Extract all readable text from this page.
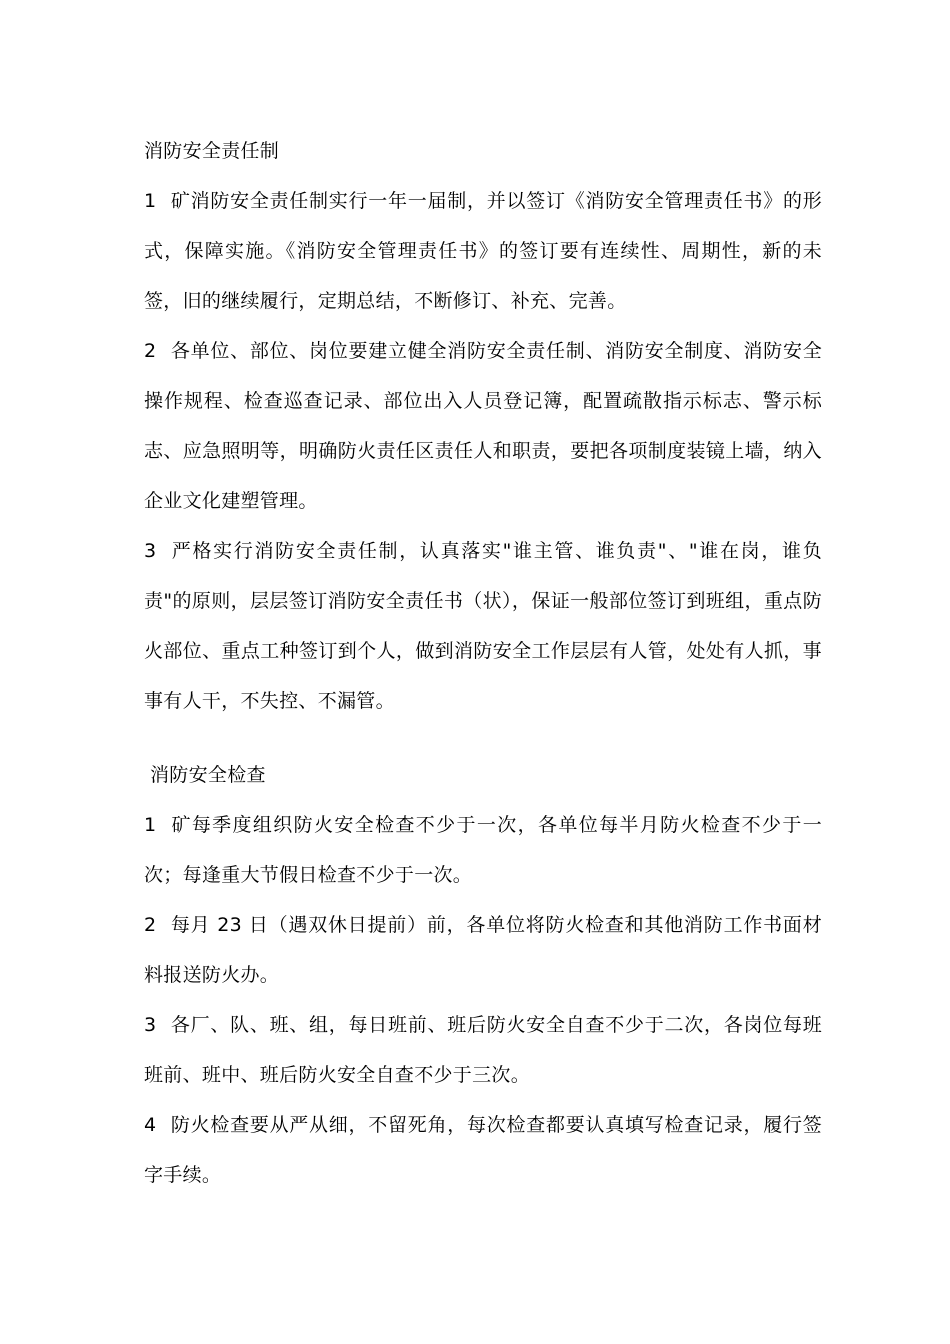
消防安全责任制

1 矿消防安全责任制实行一年一届制，并以签订《消防安全管理责任书》的形式，保障实施。《消防安全管理责任书》的签订要有连续性、周期性，新的未签，旧的继续履行，定期总结，不断修订、补充、完善。

2 各单位、部位、岗位要建立健全消防安全责任制、消防安全制度、消防安全操作规程、检查巡查记录、部位出入人员登记簿，配置疏散指示标志、警示标志、应急照明等，明确防火责任区责任人和职责，要把各项制度装镜上墙，纳入企业文化建塑管理。

3 严格实行消防安全责任制，认真落实"谁主管、谁负责"、"谁在岗，谁负责"的原则，层层签订消防安全责任书（状），保证一般部位签订到班组，重点防火部位、重点工种签订到个人，做到消防安全工作层层有人管，处处有人抓，事事有人干，不失控、不漏管。

消防安全检查

1 矿每季度组织防火安全检查不少于一次，各单位每半月防火检查不少于一次；每逢重大节假日检查不少于一次。

2 每月 23 日（遇双休日提前）前，各单位将防火检查和其他消防工作书面材料报送防火办。

3 各厂、队、班、组，每日班前、班后防火安全自查不少于二次，各岗位每班班前、班中、班后防火安全自查不少于三次。

4 防火检查要从严从细，不留死角，每次检查都要认真填写检查记录，履行签字手续。
